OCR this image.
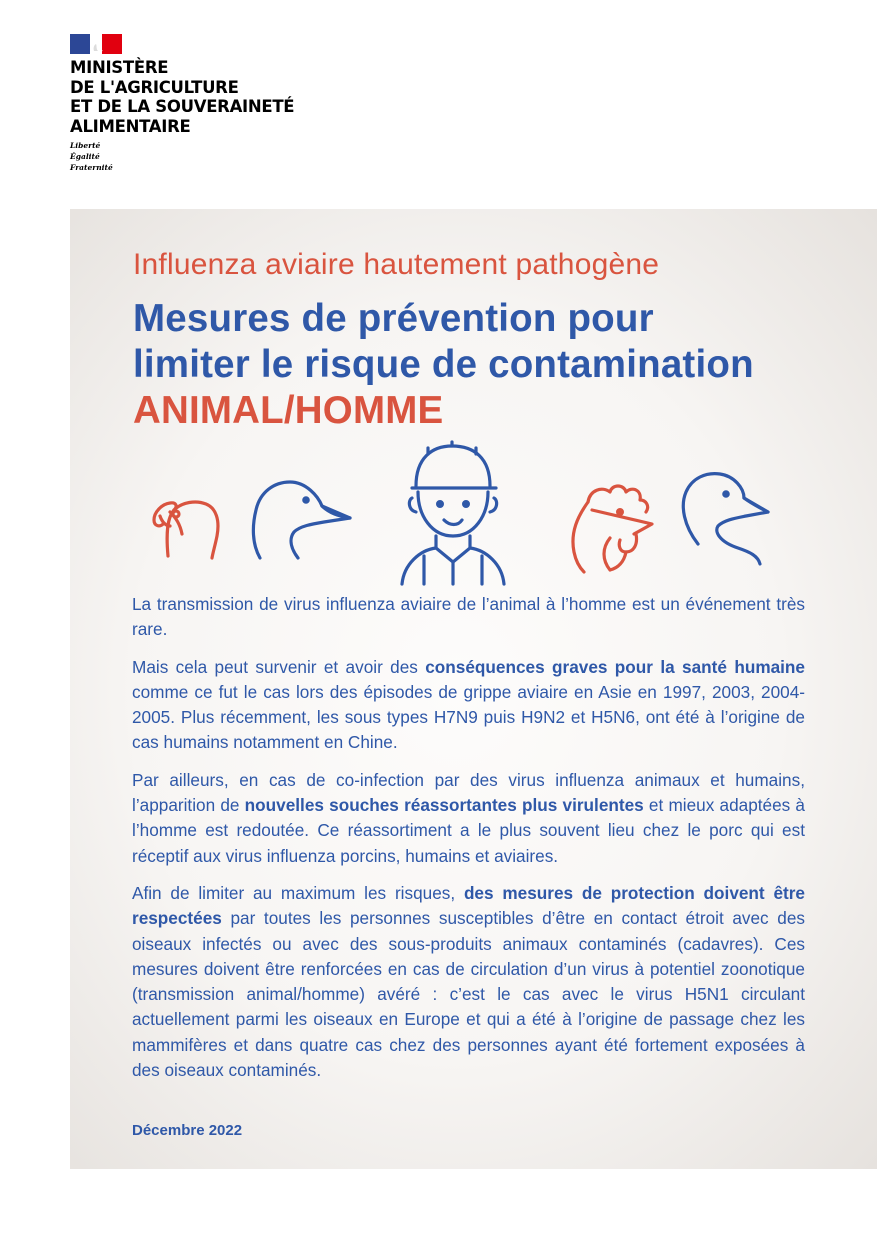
MINISTÈRE
DE L'AGRICULTURE
ET DE LA SOUVERAINETÉ
ALIMENTAIRE
Liberté
Égalité
Fraternité
Influenza aviaire hautement pathogène
Mesures de prévention pour
limiter le risque de contamination
ANIMAL/HOMME

La transmission de virus influenza aviaire de l’animal à l’homme est un événement très rare.

Mais cela peut survenir et avoir des conséquences graves pour la santé humaine comme ce fut le cas lors des épisodes de grippe aviaire en Asie en 1997, 2003, 2004-2005. Plus récemment, les sous types H7N9 puis H9N2 et H5N6, ont été à l’origine de cas humains notamment en Chine.

Par ailleurs, en cas de co-infection par des virus influenza animaux et humains, l’apparition de nouvelles souches réassortantes plus virulentes et mieux adaptées à l’homme est redoutée. Ce réassortiment a le plus souvent lieu chez le porc qui est réceptif aux virus influenza porcins, humains et aviaires.

Afin de limiter au maximum les risques, des mesures de protection doivent être respectées par toutes les personnes susceptibles d’être en contact étroit avec des oiseaux infectés ou avec des sous-produits animaux contaminés (cadavres). Ces mesures doivent être renforcées en cas de circulation d’un virus à potentiel zoonotique (transmission animal/homme) avéré : c’est le cas avec le virus H5N1 circulant actuellement parmi les oiseaux en Europe et qui a été à l’origine de passage chez les mammifères et dans quatre cas chez des personnes ayant été fortement exposées à des oiseaux contaminés.

Décembre 2022
